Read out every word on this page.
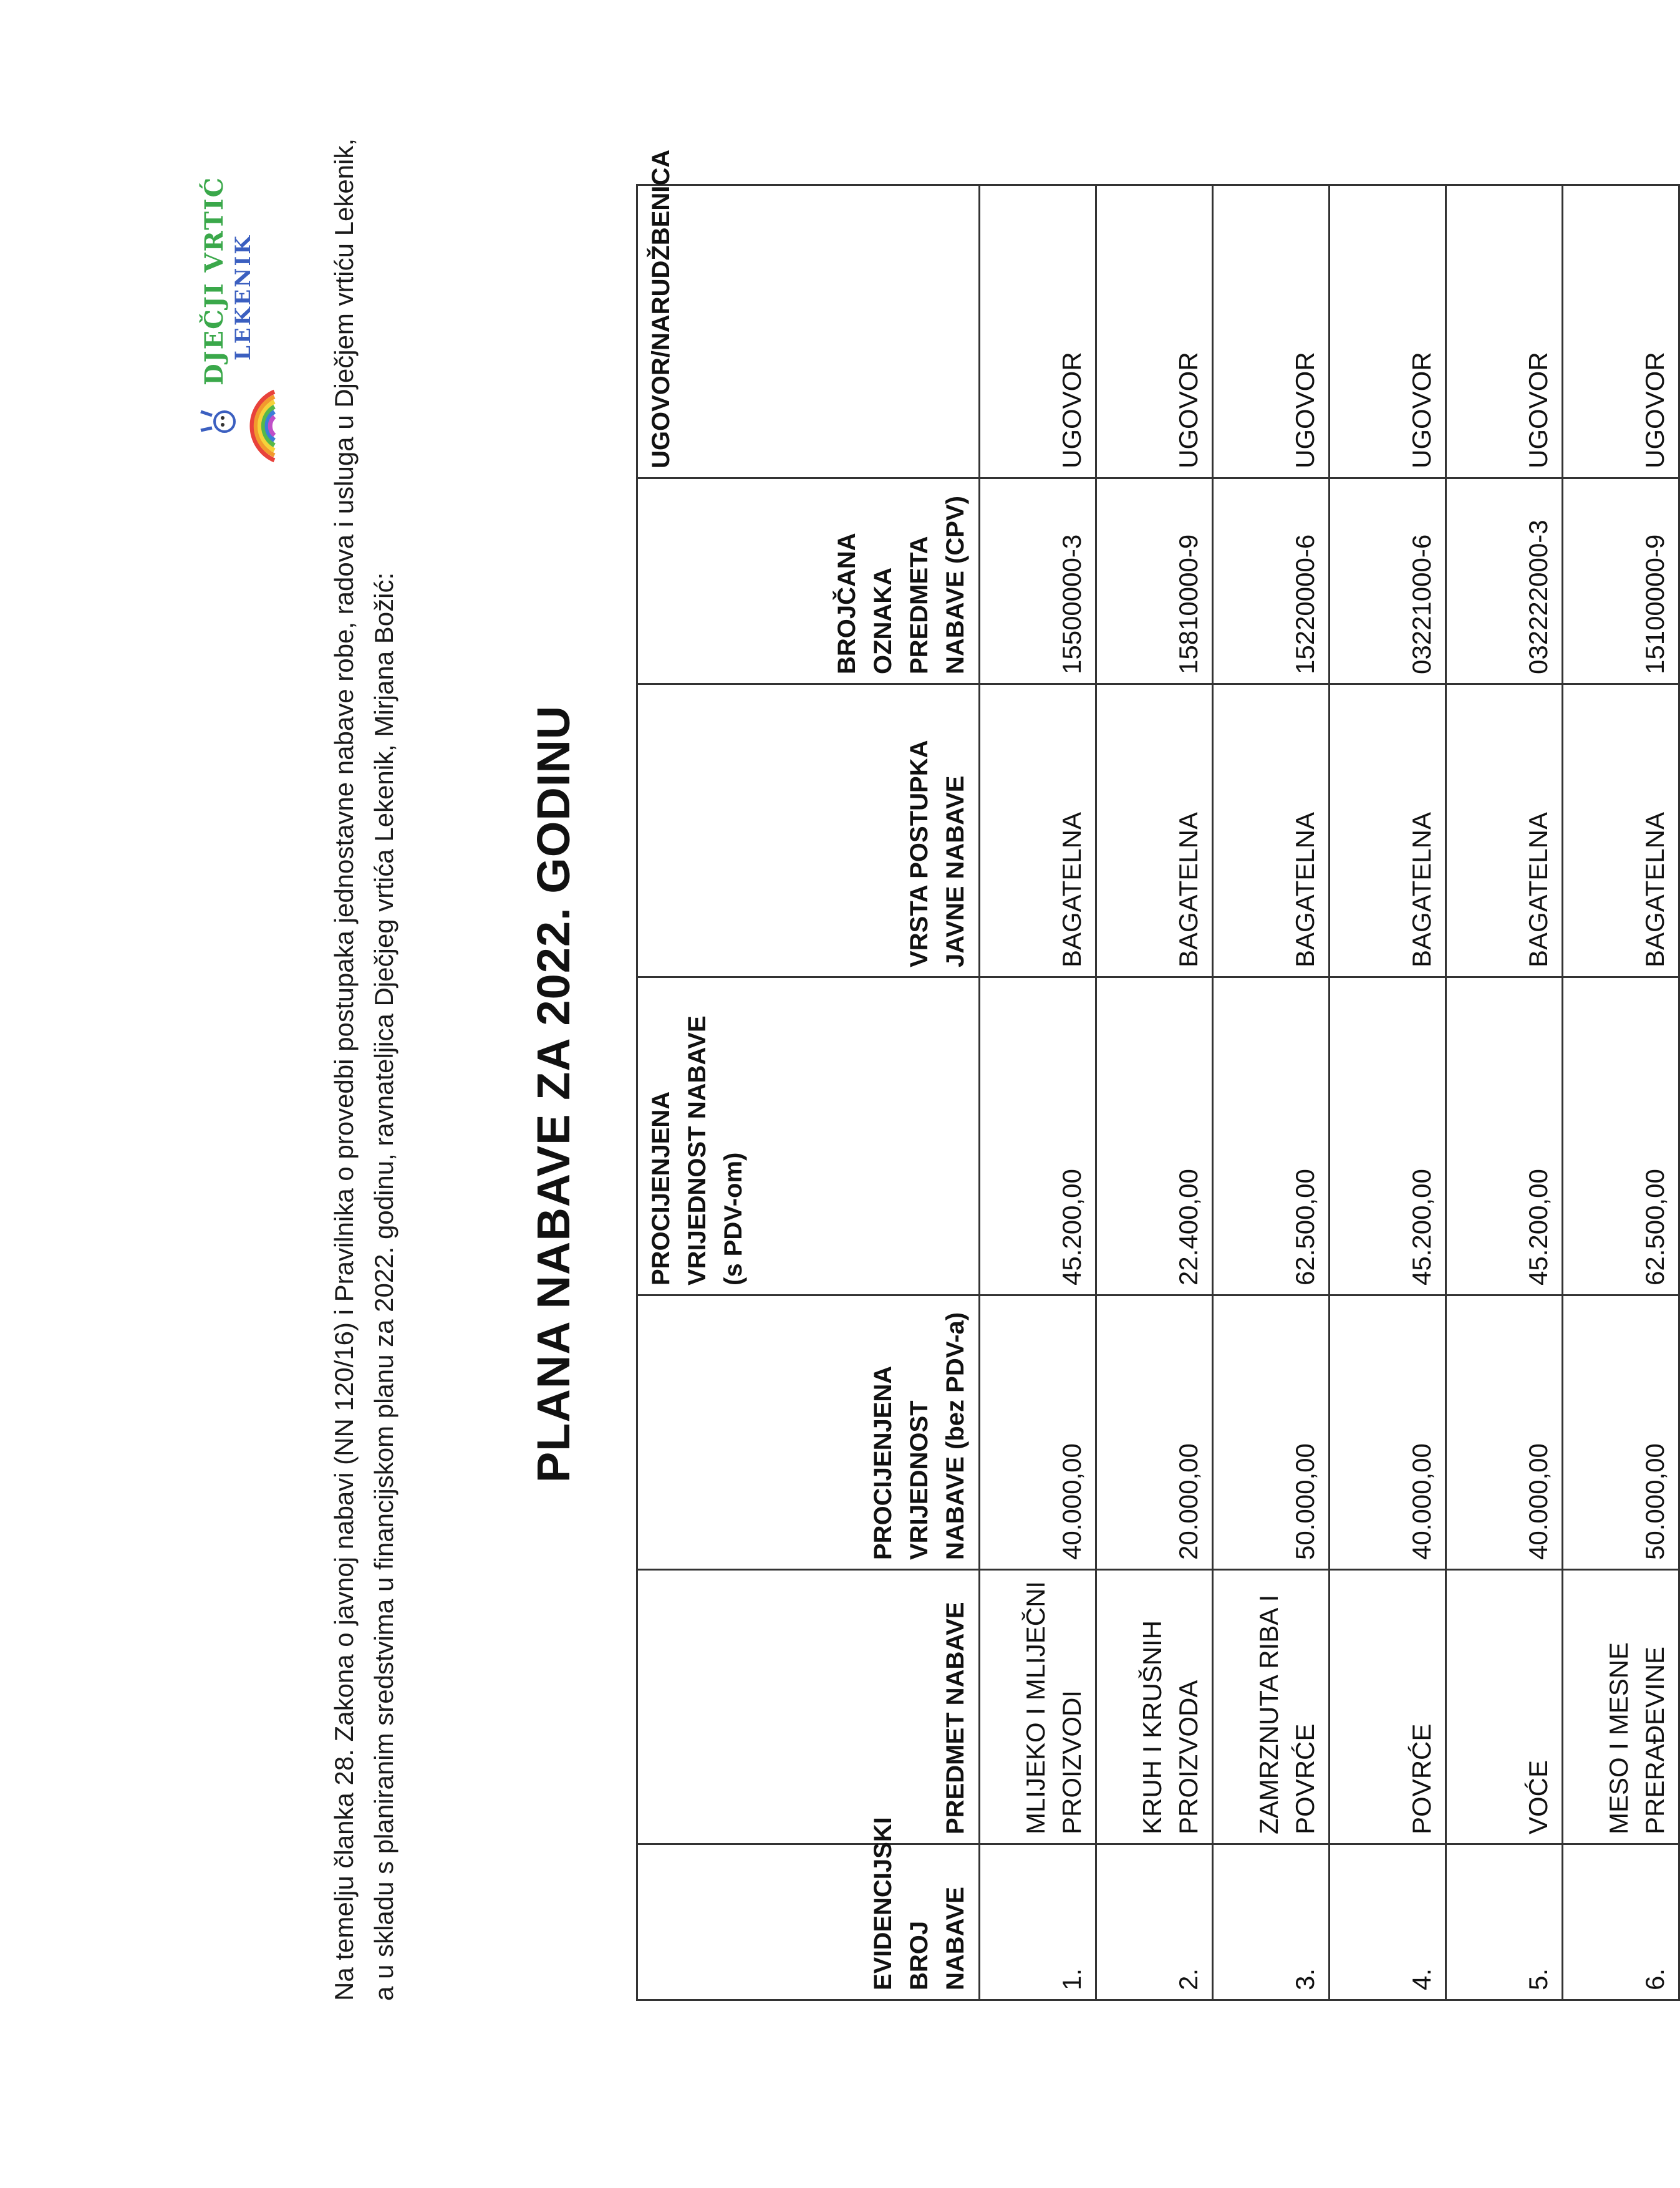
DJEČJI VRTIĆ LEKENIK	Na temelju članka 28. Zakona o javnoj nabavi (NN 120/16) i Pravilnika o provedbi postupaka jednostavne nabave robe, radova i usluga u Dječjem vrtiću Lekenik, a u skladu s planiranim sredstvima u financijskom planu za 2022. godinu, ravnateljica Dječjeg vrtića Lekenik, Mirjana Božić:	PLANA NABAVE ZA 2022. GODINU
EVIDENCIJSKI BROJ NABAVE	PREDMET NABAVE	PROCIJENJENA VRIJEDNOST NABAVE (bez PDV-a)	PROCIJENJENA VRIJEDNOST NABAVE (s PDV-om)	VRSTA POSTUPKA JAVNE NABAVE	BROJČANA OZNAKA PREDMETA NABAVE (CPV)	UGOVOR/NARUDŽBENICA
1.	MLIJEKO I MLIJEČNI PROIZVODI	40.000,00	45.200,00	BAGATELNA	15500000-3	UGOVOR
2.	KRUH I KRUŠNIH PROIZVODA	20.000,00	22.400,00	BAGATELNA	15810000-9	UGOVOR
3.	ZAMRZNUTA RIBA I POVRĆE	50.000,00	62.500,00	BAGATELNA	15220000-6	UGOVOR
4.	POVRĆE	40.000,00	45.200,00	BAGATELNA	03221000-6	UGOVOR
5.	VOĆE	40.000,00	45.200,00	BAGATELNA	032222000-3	UGOVOR
6.	MESO I MESNE PRERAĐEVINE	50.000,00	62.500,00	BAGATELNA	15100000-9	UGOVOR
